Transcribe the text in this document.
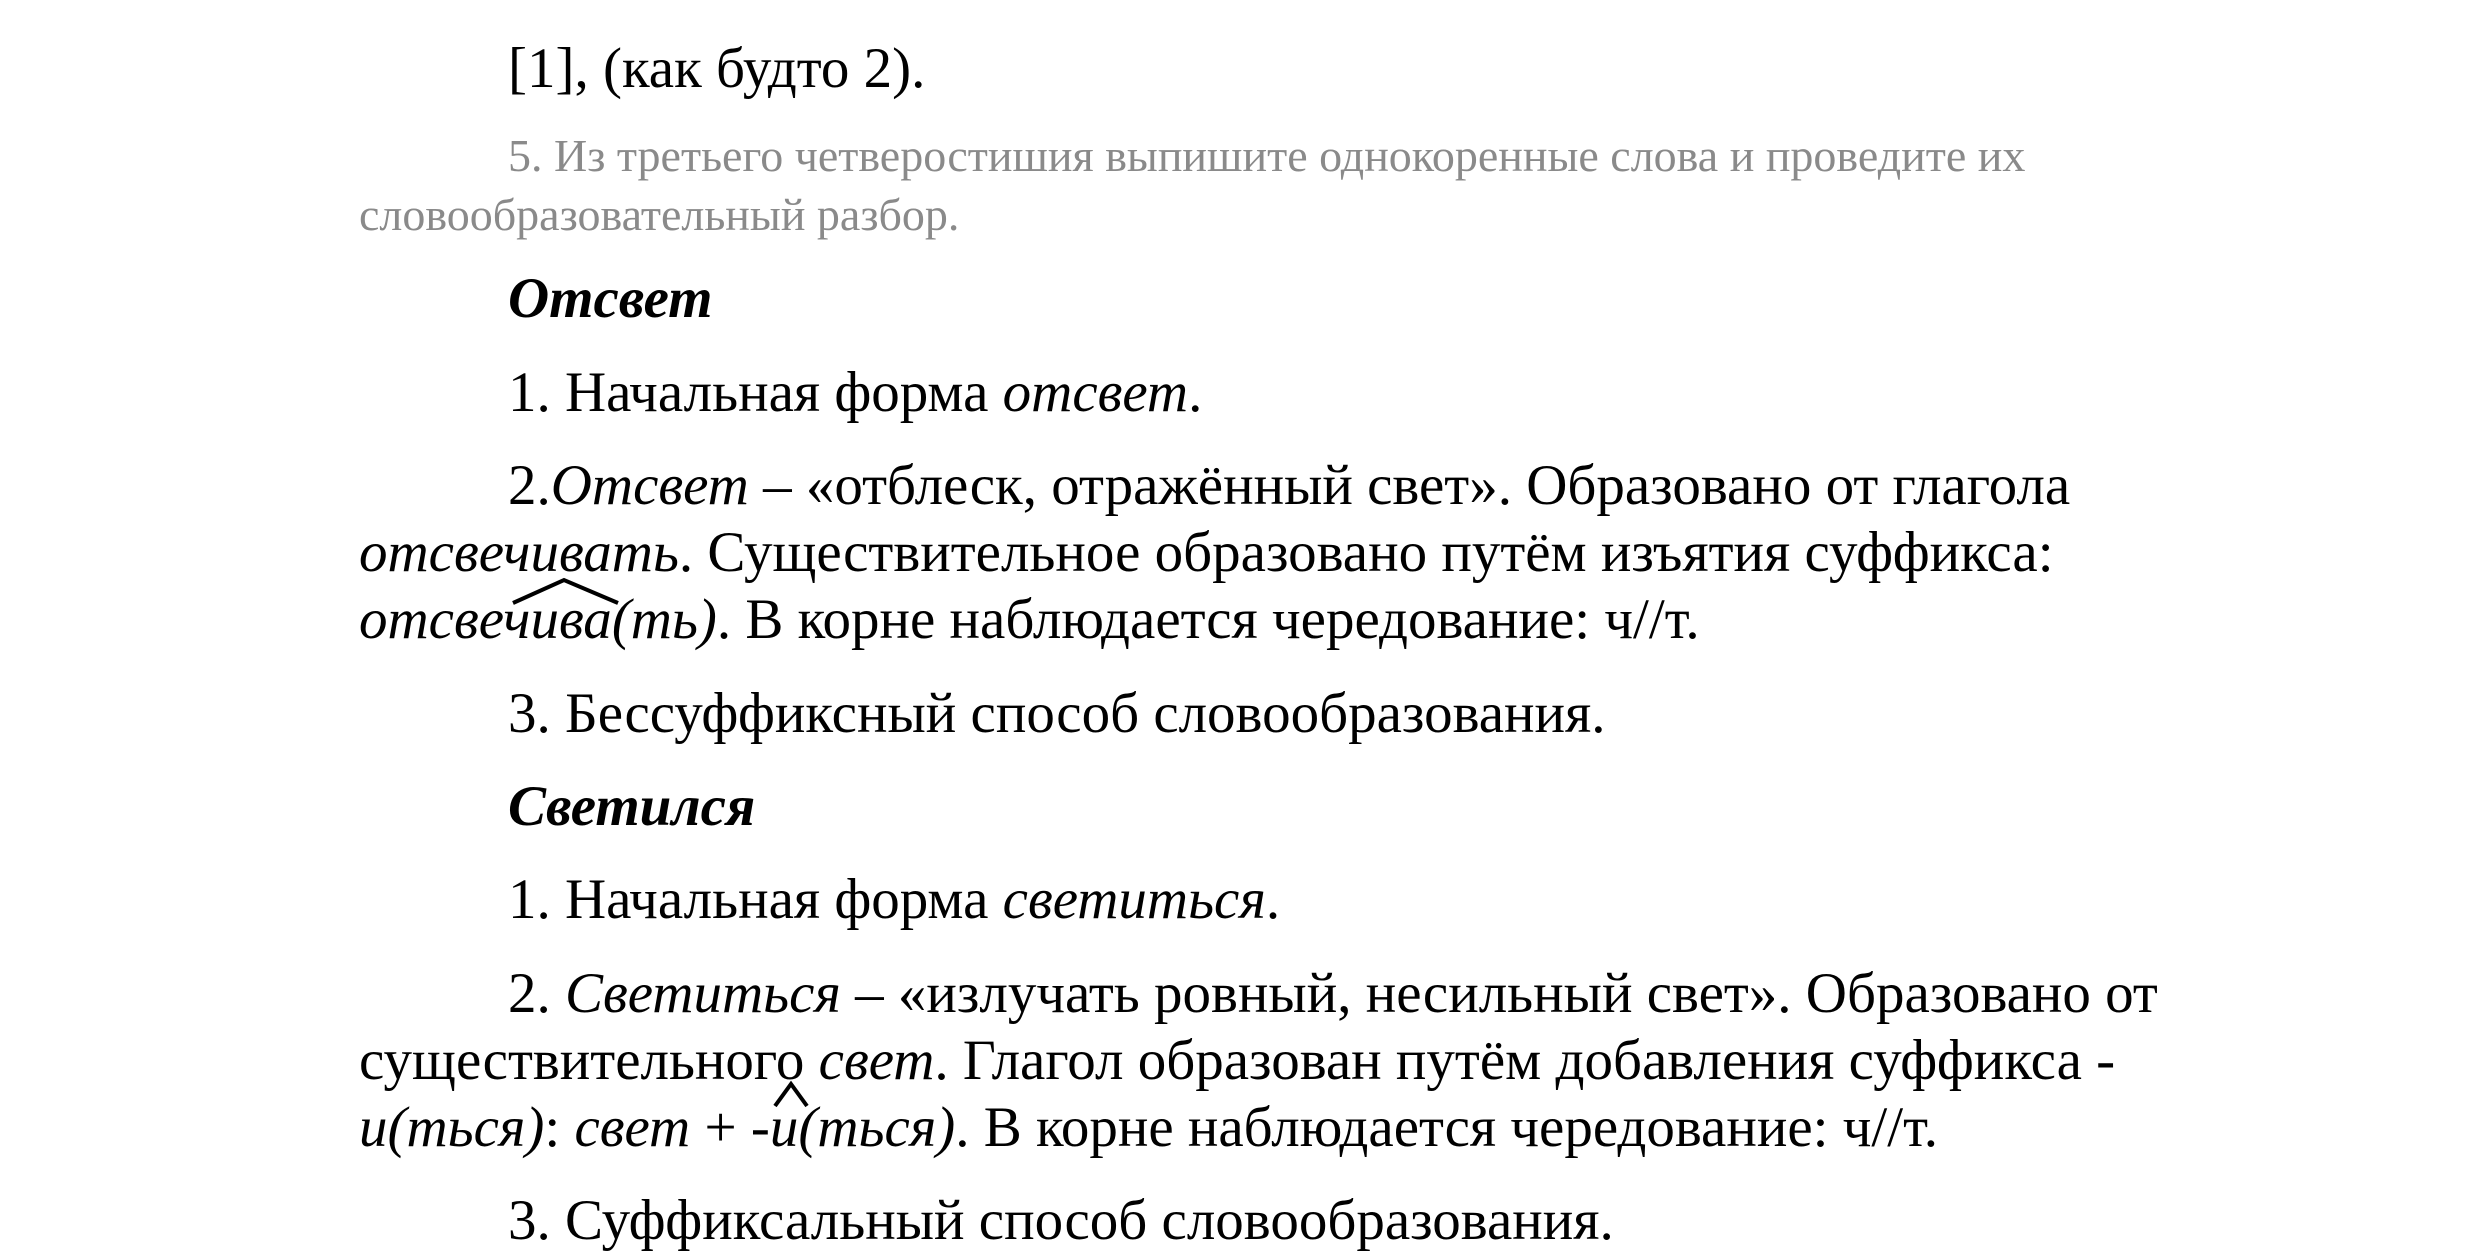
[1], (как будто 2).
5. Из третьего четверостишия выпишите однокоренные слова и проведите их
словообразовательный разбор.
Отсвет
1. Начальная форма отсвет.
2.Отсвет – «отблеск, отражённый свет». Образовано от глагола
отсвечивать. Существительное образовано путём изъятия суффикса:
отсвечива(ть). В корне наблюдается чередование: ч//т.
3. Бессуффиксный способ словообразования.
Светился
1. Начальная форма светиться.
2. Светиться – «излучать ровный, несильный свет». Образовано от
существительного свет. Глагол образован путём добавления суффикса -
и(ться): свет + -и(ться). В корне наблюдается чередование: ч//т.
3. Суффиксальный способ словообразования.
